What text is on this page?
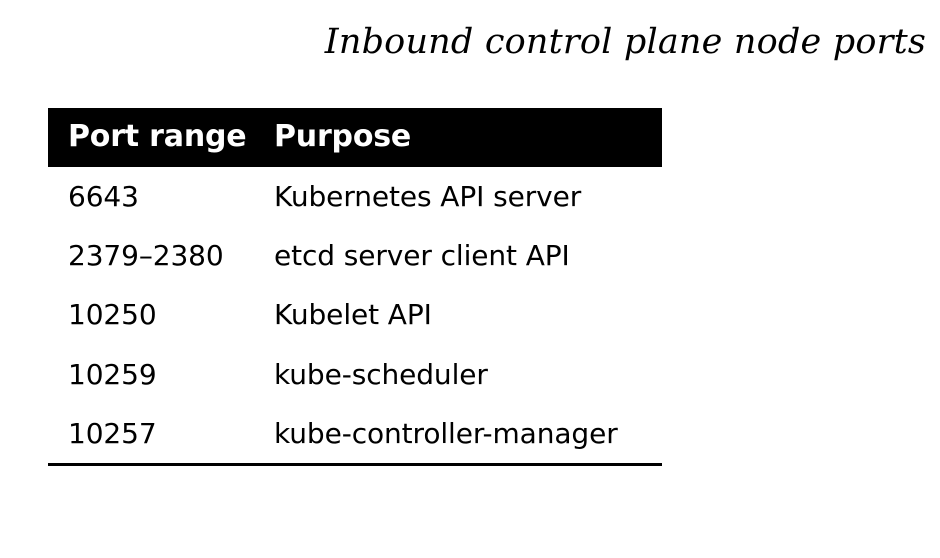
Inbound control plane node ports
Port range	Purpose
6643	Kubernetes API server
2379–2380	etcd server client API
10250	Kubelet API
10259	kube-scheduler
10257	kube-controller-manager
